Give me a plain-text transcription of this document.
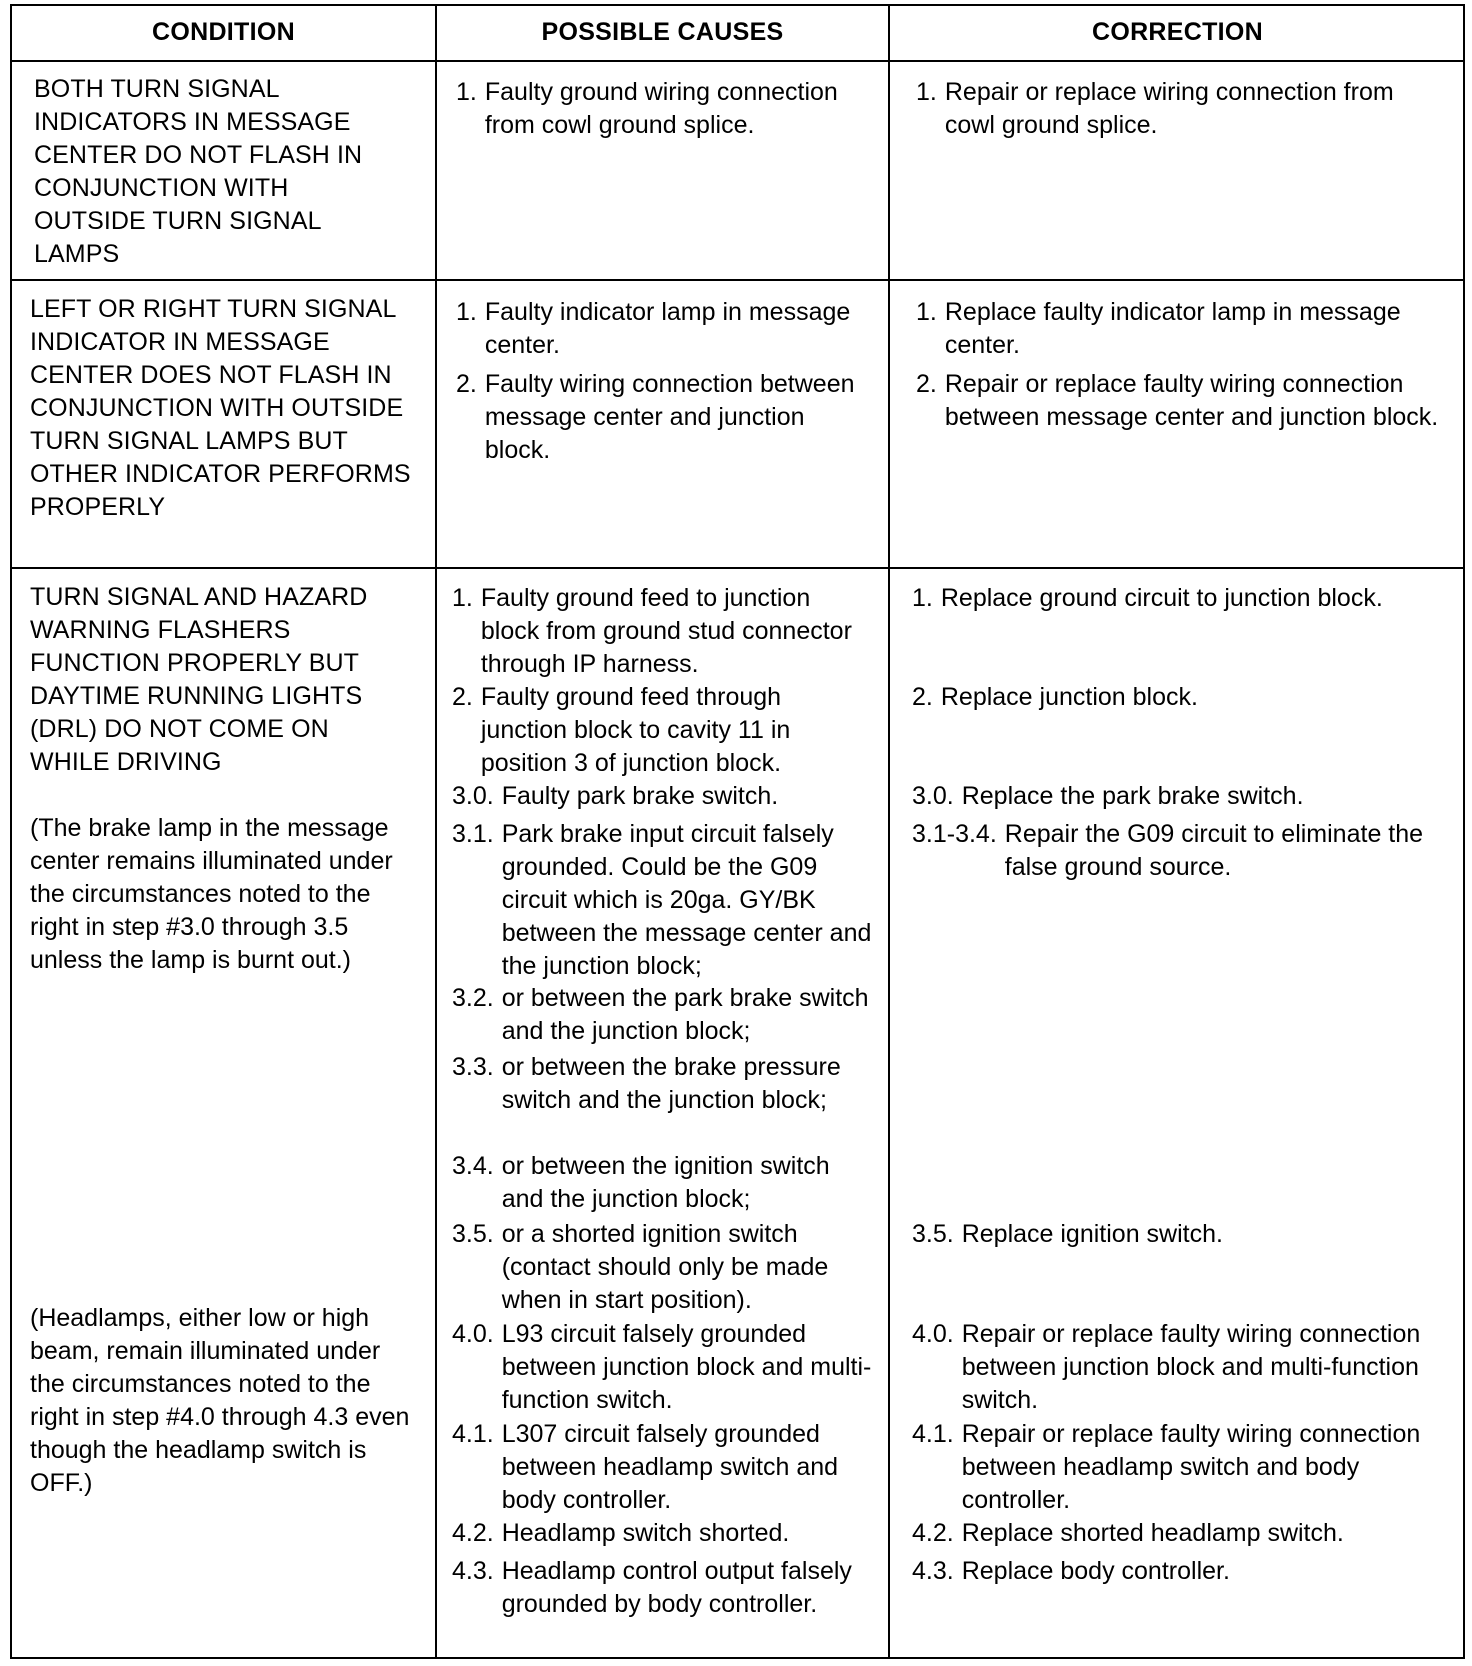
CONDITION	POSSIBLE CAUSES	CORRECTION
BOTH TURN SIGNAL INDICATORS IN MESSAGE CENTER DO NOT FLASH IN CONJUNCTION WITH OUTSIDE TURN SIGNAL LAMPS
1. Faulty ground wiring connection from cowl ground splice.
1. Repair or replace wiring connection from cowl ground splice.
LEFT OR RIGHT TURN SIGNAL INDICATOR IN MESSAGE CENTER DOES NOT FLASH IN CONJUNCTION WITH OUTSIDE TURN SIGNAL LAMPS BUT OTHER INDICATOR PERFORMS PROPERLY
1. Faulty indicator lamp in message center.
2. Faulty wiring connection between message center and junction block.
1. Replace faulty indicator lamp in message center.
2. Repair or replace faulty wiring connection between message center and junction block.
TURN SIGNAL AND HAZARD WARNING FLASHERS FUNCTION PROPERLY BUT DAYTIME RUNNING LIGHTS (DRL) DO NOT COME ON WHILE DRIVING
(The brake lamp in the message center remains illuminated under the circumstances noted to the right in step #3.0 through 3.5 unless the lamp is burnt out.)
(Headlamps, either low or high beam, remain illuminated under the circumstances noted to the right in step #4.0 through 4.3 even though the headlamp switch is OFF.)
1. Faulty ground feed to junction block from ground stud connector through IP harness.
2. Faulty ground feed through junction block to cavity 11 in position 3 of junction block.
3.0. Faulty park brake switch.
3.1. Park brake input circuit falsely grounded. Could be the G09 circuit which is 20ga. GY/BK between the message center and the junction block;
3.2. or between the park brake switch and the junction block;
3.3. or between the brake pressure switch and the junction block;
3.4. or between the ignition switch and the junction block;
3.5. or a shorted ignition switch (contact should only be made when in start position).
4.0. L93 circuit falsely grounded between junction block and multi-function switch.
4.1. L307 circuit falsely grounded between headlamp switch and body controller.
4.2. Headlamp switch shorted.
4.3. Headlamp control output falsely grounded by body controller.
1. Replace ground circuit to junction block.
2. Replace junction block.
3.0. Replace the park brake switch.
3.1-3.4. Repair the G09 circuit to eliminate the false ground source.
3.5. Replace ignition switch.
4.0. Repair or replace faulty wiring connection between junction block and multi-function switch.
4.1. Repair or replace faulty wiring connection between headlamp switch and body controller.
4.2. Replace shorted headlamp switch.
4.3. Replace body controller.
